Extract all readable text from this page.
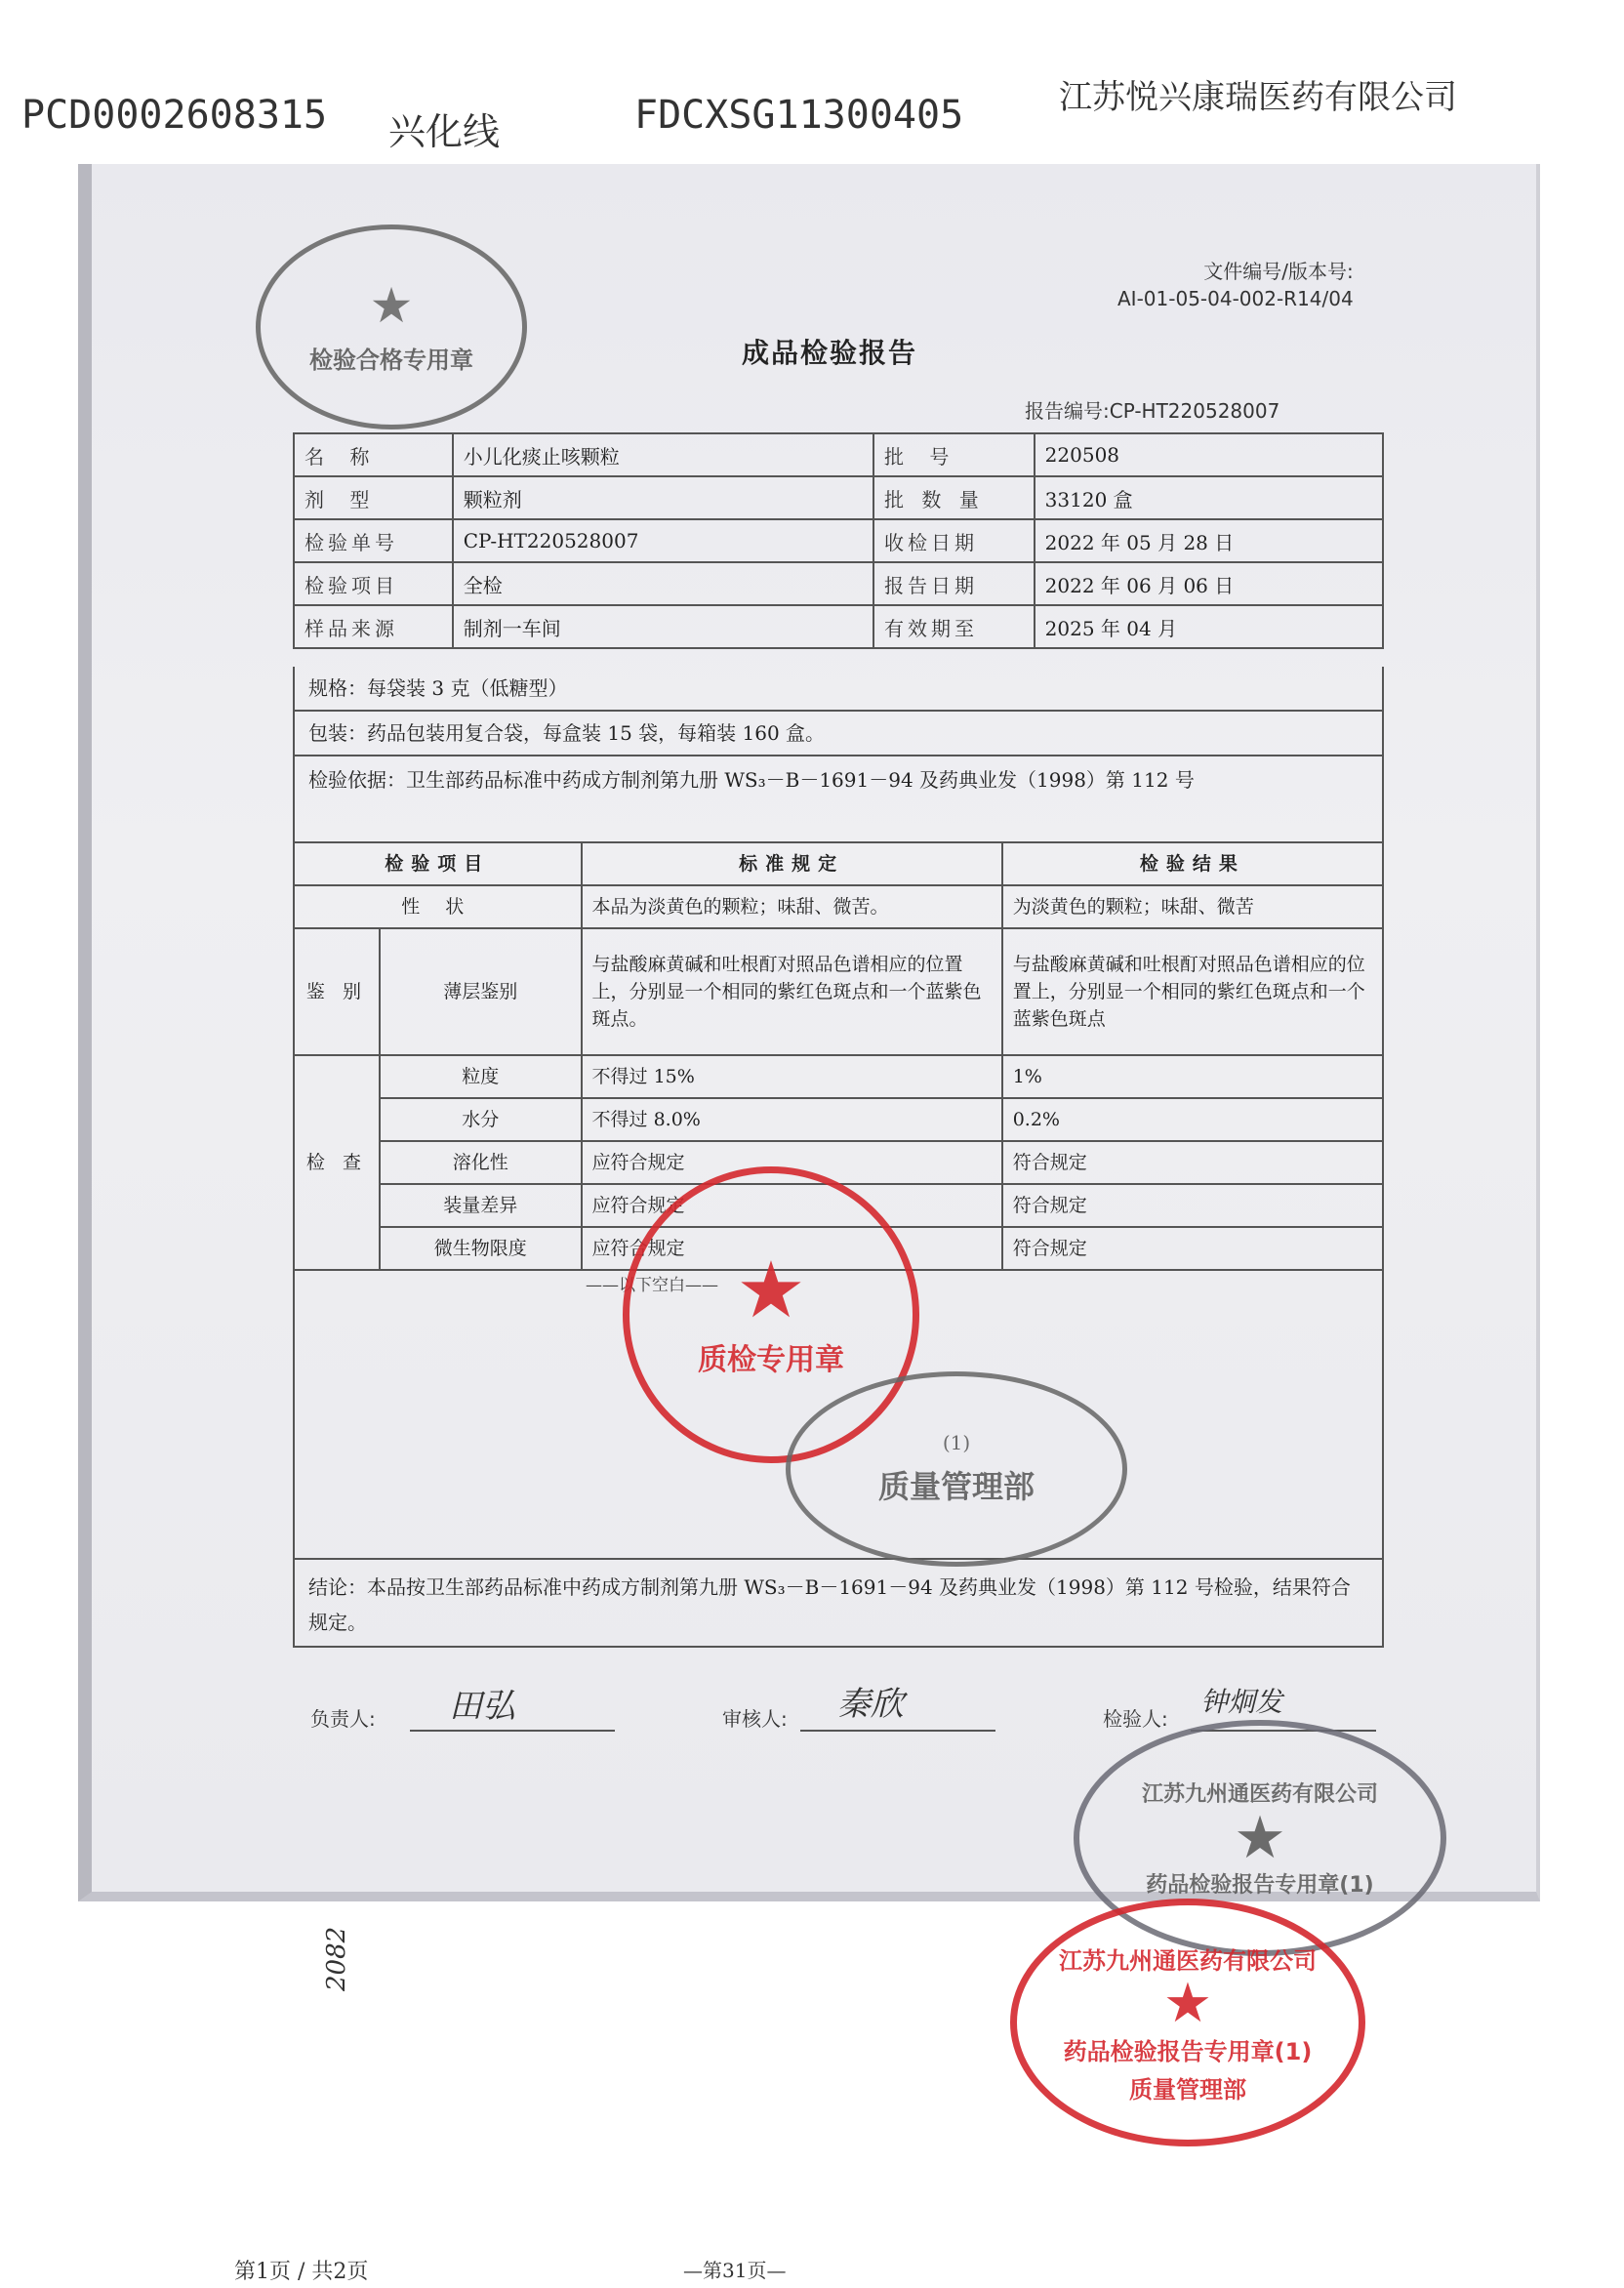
PCD0002608315 兴化线	FDCXSG11300405	江苏悦兴康瑞医药有限公司
文件编号/版本号:
AI-01-05-04-002-R14/04
成品检验报告
报告编号:CP-HT220528007
名 称	小儿化痰止咳颗粒	批 号	220508
剂 型	颗粒剂	批 数 量	33120 盒
检验单号	CP-HT220528007	收检日期	2022 年 05 月 28 日
检验项目	全检	报告日期	2022 年 06 月 06 日
样品来源	制剂一车间	有效期至	2025 年 04 月
规格：每袋装 3 克（低糖型）
包装：药品包装用复合袋，每盒装 15 袋，每箱装 160 盒。
检验依据：卫生部药品标准中药成方制剂第九册 WS₃－B－1691－94 及药典业发（1998）第 112 号
检验项目		标准规定	检验结果
性 状		本品为淡黄色的颗粒；味甜、微苦。	为淡黄色的颗粒；味甜、微苦
鉴 别	薄层鉴别	与盐酸麻黄碱和吐根酊对照品色谱相应的位置上，分别显一个相同的紫红色斑点和一个蓝紫色斑点。	与盐酸麻黄碱和吐根酊对照品色谱相应的位置上，分别显一个相同的紫红色斑点和一个蓝紫色斑点
检 查	粒度	不得过 15%	1%
	水分	不得过 8.0%	0.2%
	溶化性	应符合规定	符合规定
	装量差异	应符合规定	符合规定
	微生物限度	应符合规定	符合规定
——以下空白——
结论：本品按卫生部药品标准中药成方制剂第九册 WS₃－B－1691－94 及药典业发（1998）第 112 号检验，结果符合规定。
负责人: 田弘	审核人: 秦欣	检验人:
钟炯发
★
检验合格专用章
★
质检专用章
(1)
质量管理部
江苏九州通医药有限公司
★
药品检验报告专用章(1)
江苏九州通医药有限公司
★
药品检验报告专用章(1)
质量管理部
2082
第1页 / 共2页	—第31页—
